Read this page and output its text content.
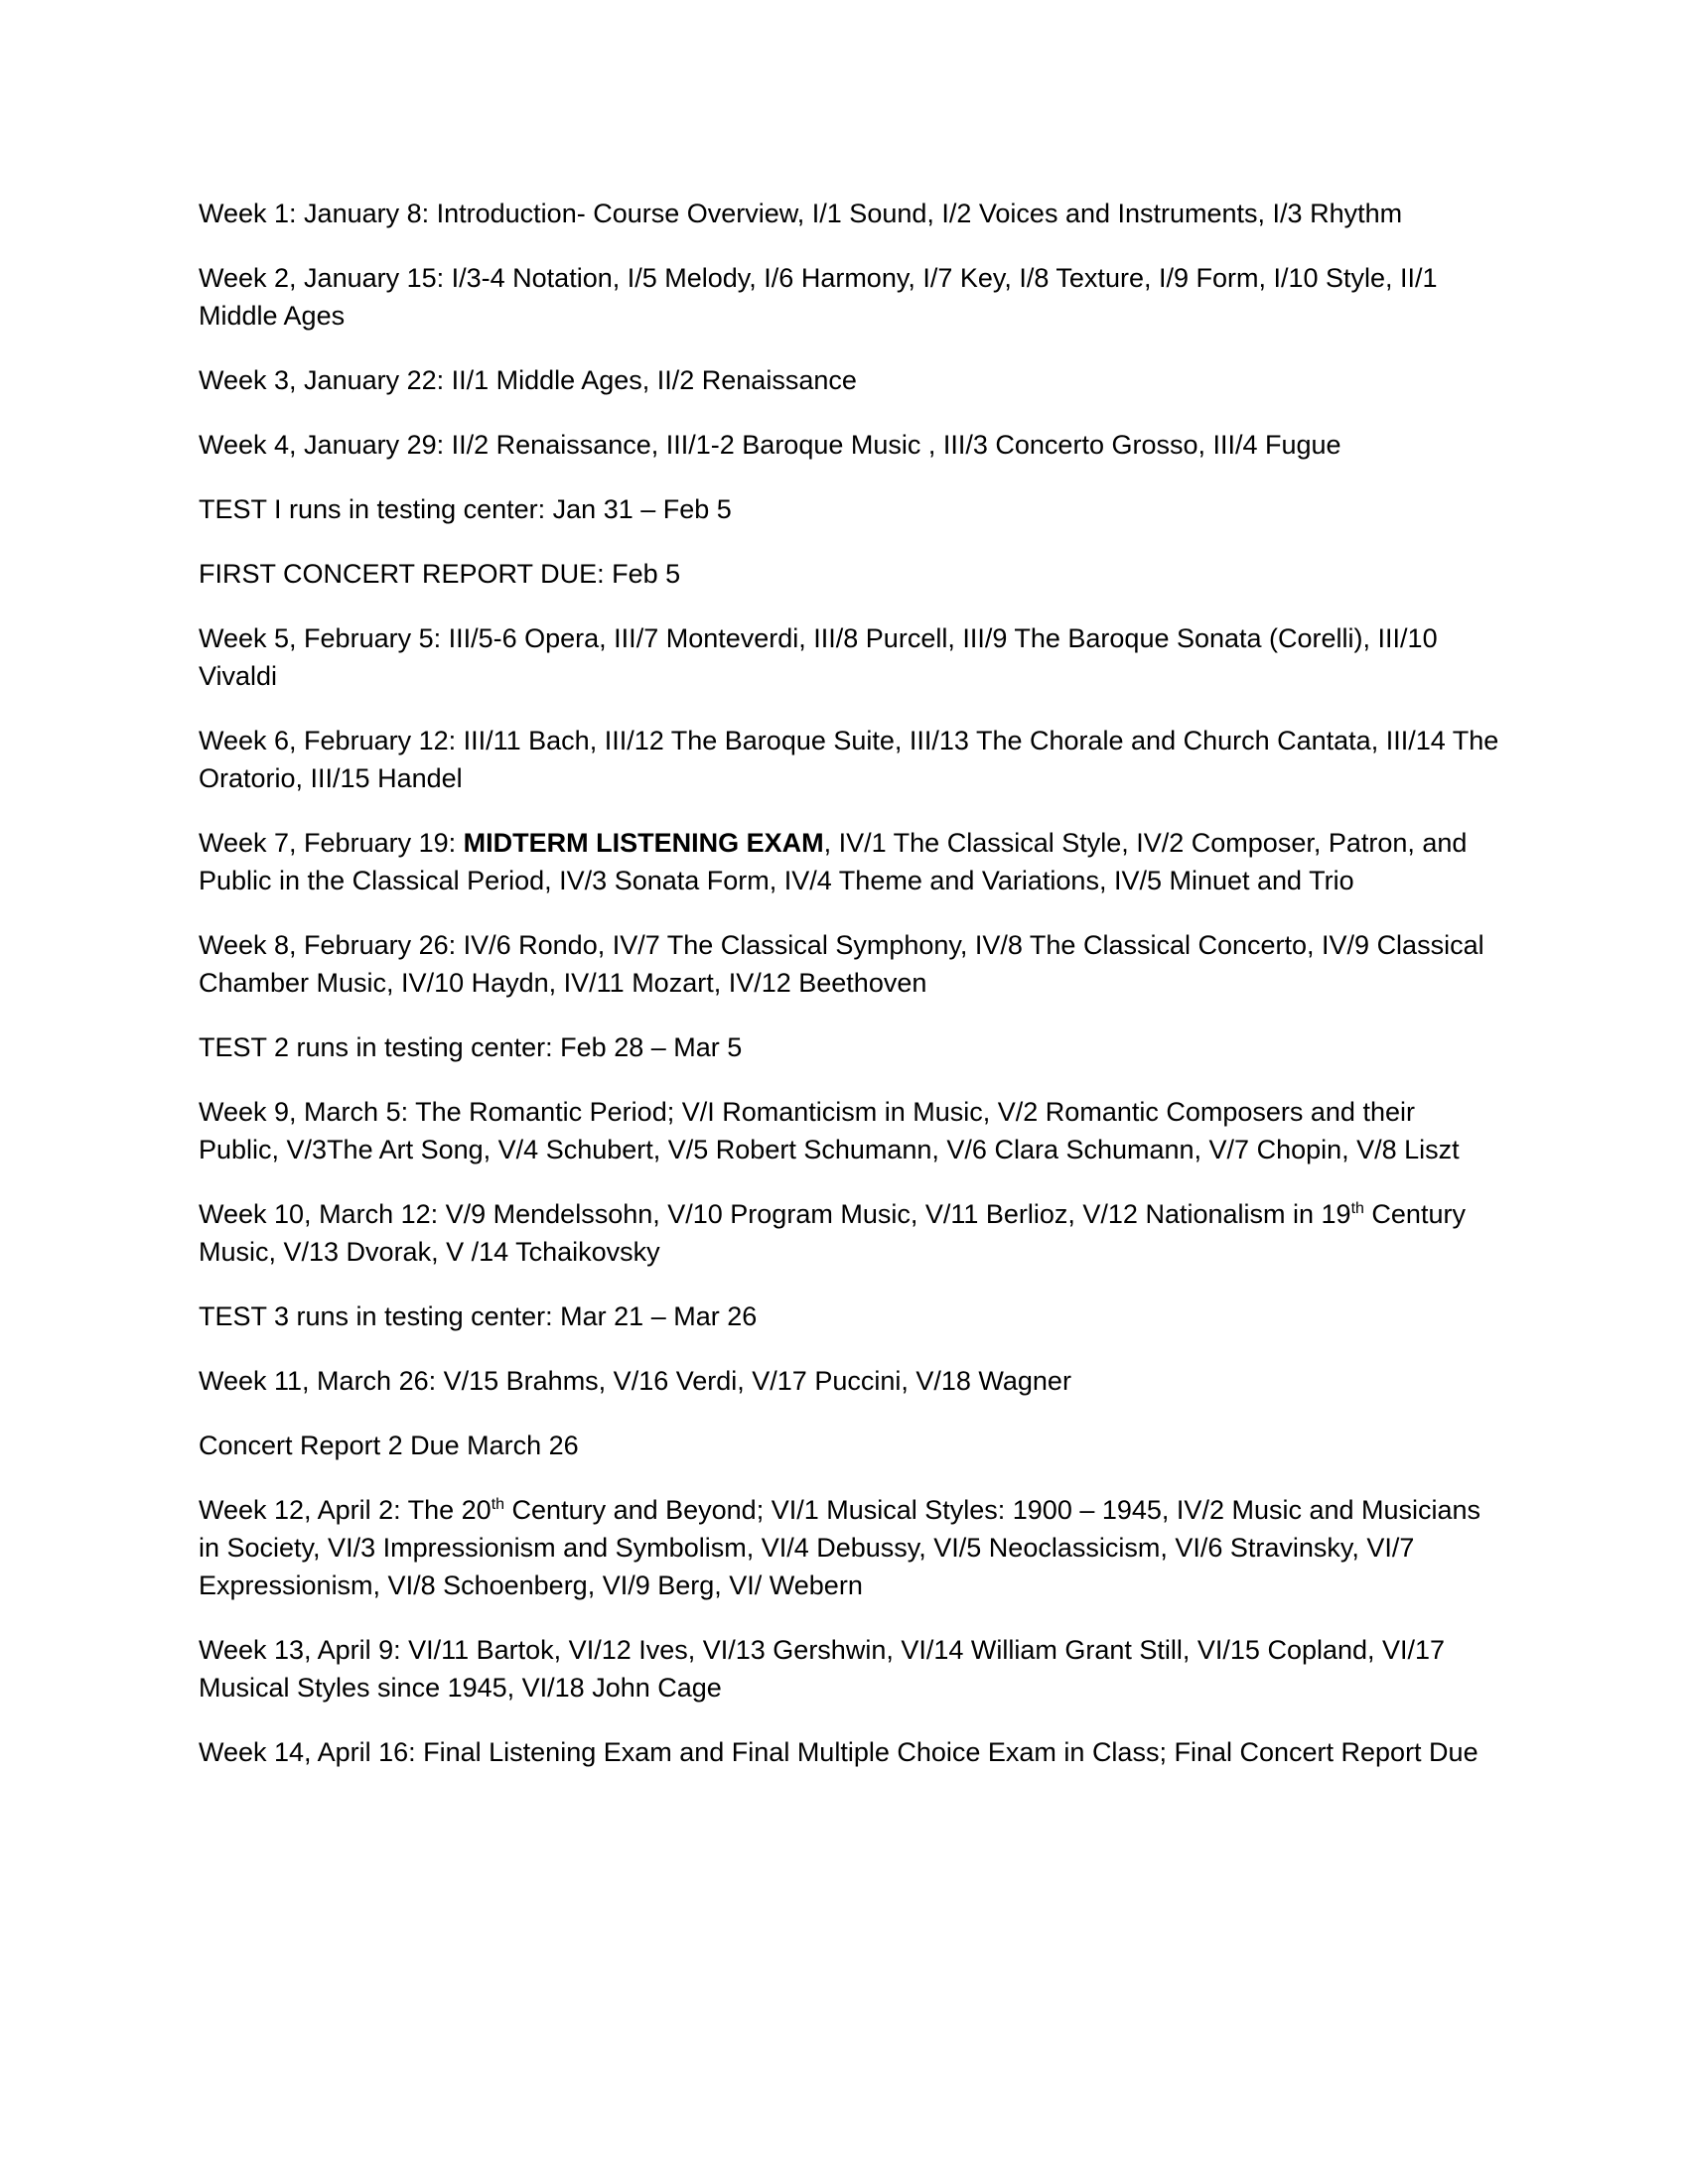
Week 1: January 8: Introduction- Course Overview, I/1 Sound, I/2 Voices and Instruments, I/3 Rhythm

Week 2, January 15: I/3-4 Notation, I/5 Melody, I/6 Harmony, I/7 Key, I/8 Texture, I/9 Form, I/10 Style, II/1 Middle Ages

Week 3, January 22: II/1 Middle Ages, II/2 Renaissance

Week 4, January 29: II/2 Renaissance, III/1-2 Baroque Music , III/3 Concerto Grosso, III/4 Fugue

TEST I runs in testing center: Jan 31 – Feb 5

FIRST CONCERT REPORT DUE: Feb 5

Week 5, February 5: III/5-6 Opera, III/7 Monteverdi, III/8 Purcell, III/9 The Baroque Sonata (Corelli), III/10 Vivaldi

Week 6, February 12: III/11 Bach, III/12 The Baroque Suite, III/13 The Chorale and Church Cantata, III/14 The Oratorio, III/15 Handel

Week 7, February 19: MIDTERM LISTENING EXAM, IV/1 The Classical Style, IV/2 Composer, Patron, and Public in the Classical Period, IV/3 Sonata Form, IV/4 Theme and Variations, IV/5 Minuet and Trio

Week 8, February 26: IV/6 Rondo, IV/7 The Classical Symphony, IV/8 The Classical Concerto, IV/9 Classical Chamber Music, IV/10 Haydn, IV/11 Mozart, IV/12 Beethoven

TEST 2 runs in testing center: Feb 28 – Mar 5

Week 9, March 5: The Romantic Period; V/I Romanticism in Music, V/2 Romantic Composers and their Public, V/3The Art Song, V/4 Schubert, V/5 Robert Schumann, V/6 Clara Schumann, V/7 Chopin, V/8 Liszt

Week 10, March 12: V/9 Mendelssohn, V/10 Program Music, V/11 Berlioz, V/12 Nationalism in 19th Century Music, V/13 Dvorak, V /14 Tchaikovsky

TEST 3 runs in testing center: Mar 21 – Mar 26

Week 11, March 26: V/15 Brahms, V/16 Verdi, V/17 Puccini, V/18 Wagner

Concert Report 2 Due March 26

Week 12, April 2: The 20th Century and Beyond; VI/1 Musical Styles: 1900 – 1945, IV/2 Music and Musicians in Society, VI/3 Impressionism and Symbolism, VI/4 Debussy, VI/5 Neoclassicism, VI/6 Stravinsky, VI/7 Expressionism, VI/8 Schoenberg, VI/9 Berg, VI/ Webern

Week 13, April 9: VI/11 Bartok, VI/12 Ives, VI/13 Gershwin, VI/14 William Grant Still, VI/15 Copland, VI/17 Musical Styles since 1945, VI/18 John Cage

Week 14, April 16: Final Listening Exam and Final Multiple Choice Exam in Class; Final Concert Report Due
